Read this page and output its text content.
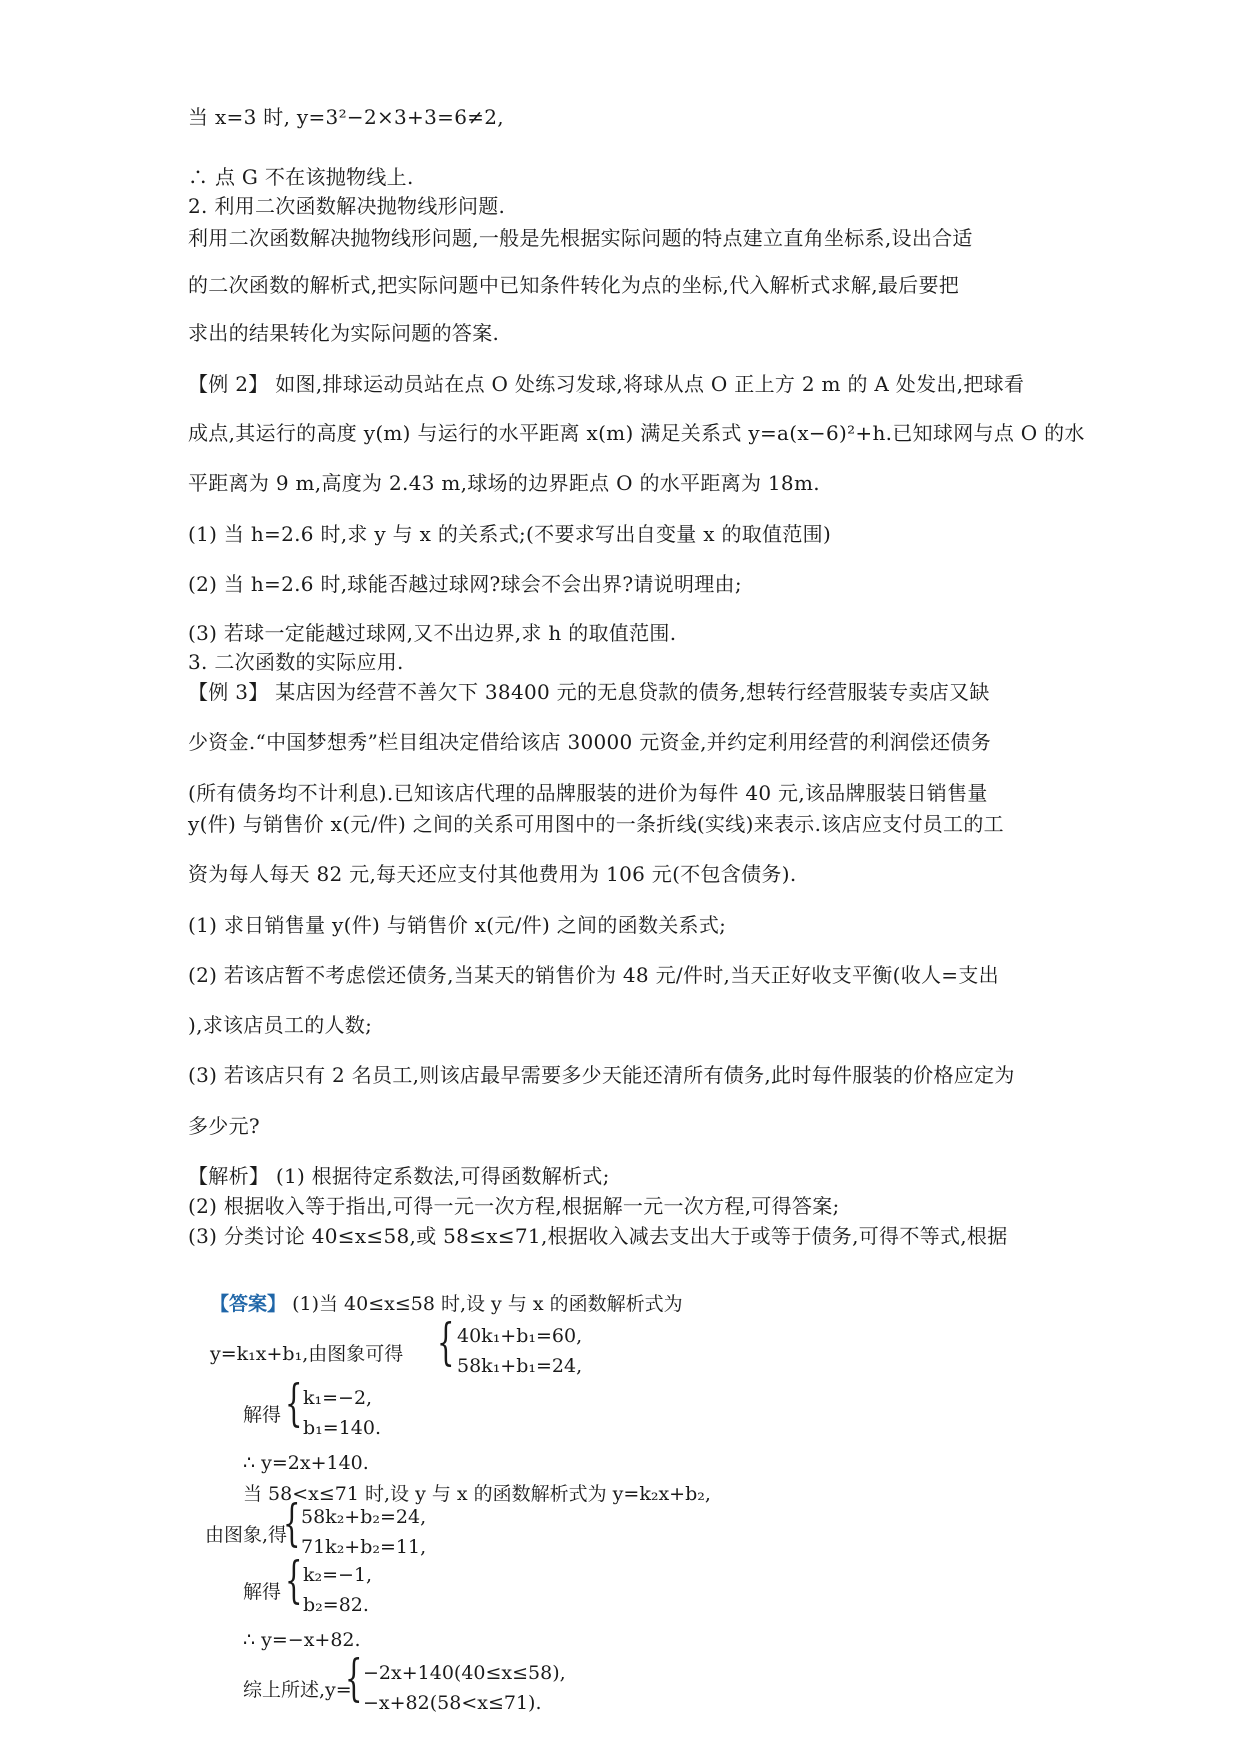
当 x=3 时, y=3²−2×3+3=6≠2,

∴ 点 G 不在该抛物线上.

2. 利用二次函数解决抛物线形问题.

利用二次函数解决抛物线形问题,一般是先根据实际问题的特点建立直角坐标系,设出合适

的二次函数的解析式,把实际问题中已知条件转化为点的坐标,代入解析式求解,最后要把

求出的结果转化为实际问题的答案.

【例 2】 如图,排球运动员站在点 O 处练习发球,将球从点 O 正上方 2 m 的 A 处发出,把球看

成点,其运行的高度 y(m) 与运行的水平距离 x(m) 满足关系式 y=a(x−6)²+h.已知球网与点 O 的水

平距离为 9 m,高度为 2.43 m,球场的边界距点 O 的水平距离为 18m.

(1) 当 h=2.6 时,求 y 与 x 的关系式;(不要求写出自变量 x 的取值范围)

(2) 当 h=2.6 时,球能否越过球网?球会不会出界?请说明理由;

(3) 若球一定能越过球网,又不出边界,求 h 的取值范围.

3. 二次函数的实际应用.

【例 3】 某店因为经营不善欠下 38400 元的无息贷款的债务,想转行经营服装专卖店又缺

少资金.“中国梦想秀”栏目组决定借给该店 30000 元资金,并约定利用经营的利润偿还债务

(所有债务均不计利息).已知该店代理的品牌服装的进价为每件 40 元,该品牌服装日销售量

y(件) 与销售价 x(元/件) 之间的关系可用图中的一条折线(实线)来表示.该店应支付员工的工

资为每人每天 82 元,每天还应支付其他费用为 106 元(不包含债务).

(1) 求日销售量 y(件) 与销售价 x(元/件) 之间的函数关系式;

(2) 若该店暂不考虑偿还债务,当某天的销售价为 48 元/件时,当天正好收支平衡(收人=支出

),求该店员工的人数;

(3) 若该店只有 2 名员工,则该店最早需要多少天能还清所有债务,此时每件服装的价格应定为

多少元?

【解析】 (1) 根据待定系数法,可得函数解析式;

(2) 根据收入等于指出,可得一元一次方程,根据解一元一次方程,可得答案;

(3) 分类讨论 40≤x≤58,或 58≤x≤71,根据收入减去支出大于或等于债务,可得不等式,根据

【答案】 (1)当 40≤x≤58 时,设 y 与 x 的函数解析式为

y=k₁x+b₁,由图象可得 { 40k₁+b₁=60,

58k₁+b₁=24,

解得 { k₁=−2,

b₁=140.

∴ y=2x+140.

当 58<x≤71 时,设 y 与 x 的函数解析式为 y=k₂x+b₂,

由图象,得

{ 58k₂+b₂=24,

71k₂+b₂=11,

解得 { k₂=−1,

b₂=82.

∴ y=−x+82.

综上所述,y=

{ −2x+140(40≤x≤58),

−x+82(58<x≤71).
